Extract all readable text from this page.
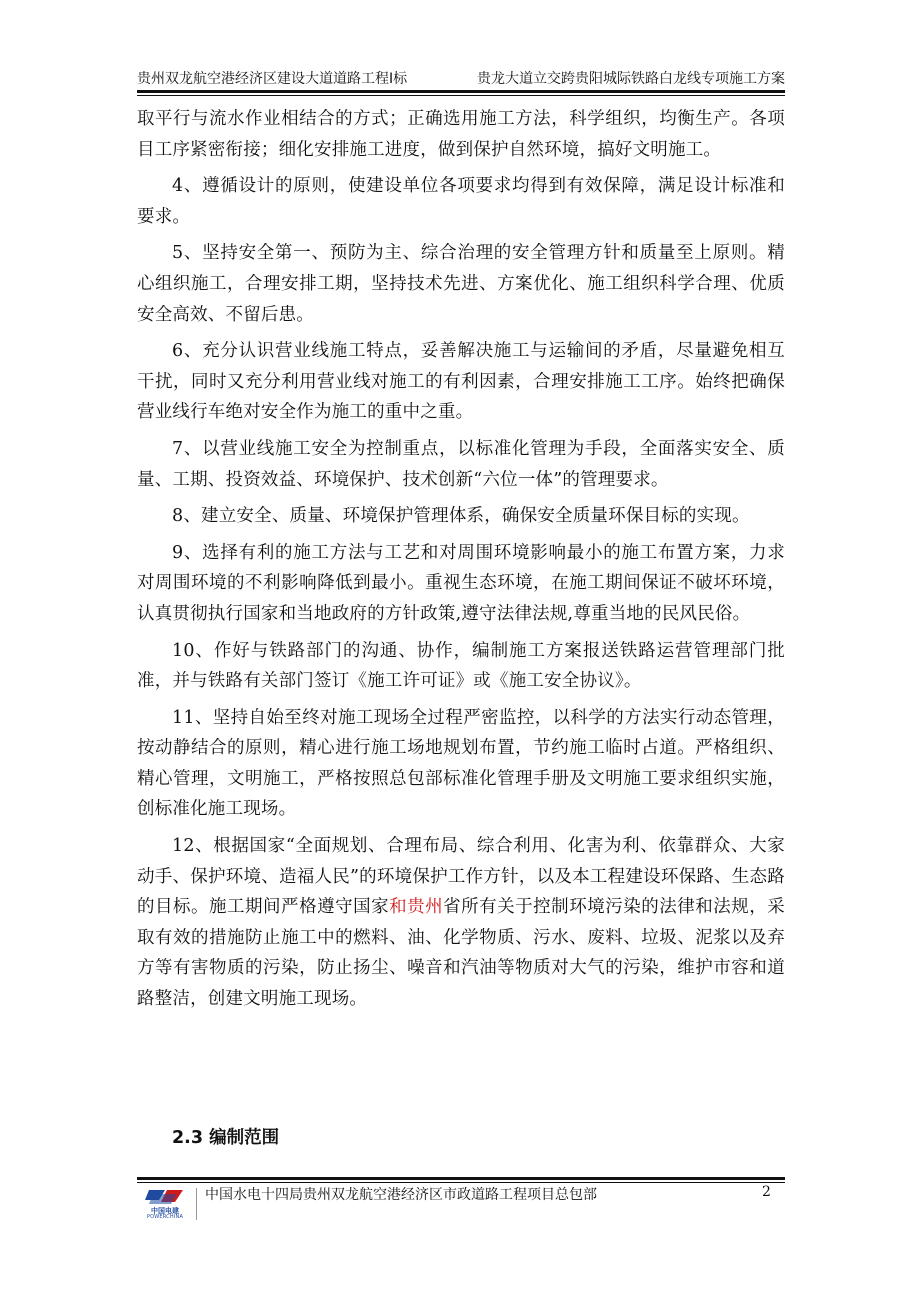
贵州双龙航空港经济区建设大道道路工程Ⅰ标	贵龙大道立交跨贵阳城际铁路白龙线专项施工方案

取平行与流水作业相结合的方式；正确选用施工方法，科学组织，均衡生产。各项目工序紧密衔接；细化安排施工进度，做到保护自然环境，搞好文明施工。

4、遵循设计的原则，使建设单位各项要求均得到有效保障，满足设计标准和要求。

5、坚持安全第一、预防为主、综合治理的安全管理方针和质量至上原则。精心组织施工，合理安排工期，坚持技术先进、方案优化、施工组织科学合理、优质安全高效、不留后患。

6、充分认识营业线施工特点，妥善解决施工与运输间的矛盾，尽量避免相互干扰，同时又充分利用营业线对施工的有利因素，合理安排施工工序。始终把确保营业线行车绝对安全作为施工的重中之重。

7、以营业线施工安全为控制重点，以标准化管理为手段，全面落实安全、质量、工期、投资效益、环境保护、技术创新“六位一体”的管理要求。

8、建立安全、质量、环境保护管理体系，确保安全质量环保目标的实现。

9、选择有利的施工方法与工艺和对周围环境影响最小的施工布置方案，力求对周围环境的不利影响降低到最小。重视生态环境，在施工期间保证不破坏环境，认真贯彻执行国家和当地政府的方针政策,遵守法律法规,尊重当地的民风民俗。

10、作好与铁路部门的沟通、协作，编制施工方案报送铁路运营管理部门批准，并与铁路有关部门签订《施工许可证》或《施工安全协议》。

11、坚持自始至终对施工现场全过程严密监控，以科学的方法实行动态管理，按动静结合的原则，精心进行施工场地规划布置，节约施工临时占道。严格组织、精心管理，文明施工，严格按照总包部标准化管理手册及文明施工要求组织实施，创标准化施工现场。

12、根据国家“全面规划、合理布局、综合利用、化害为利、依靠群众、大家动手、保护环境、造福人民”的环境保护工作方针，以及本工程建设环保路、生态路的目标。施工期间严格遵守国家和贵州省所有关于控制环境污染的法律和法规，采取有效的措施防止施工中的燃料、油、化学物质、污水、废料、垃圾、泥浆以及弃方等有害物质的污染，防止扬尘、噪音和汽油等物质对大气的污染，维护市容和道路整洁，创建文明施工现场。

2.3 编制范围
中国电建
POWERCHINA
中国水电十四局贵州双龙航空港经济区市政道路工程项目总包部	2
